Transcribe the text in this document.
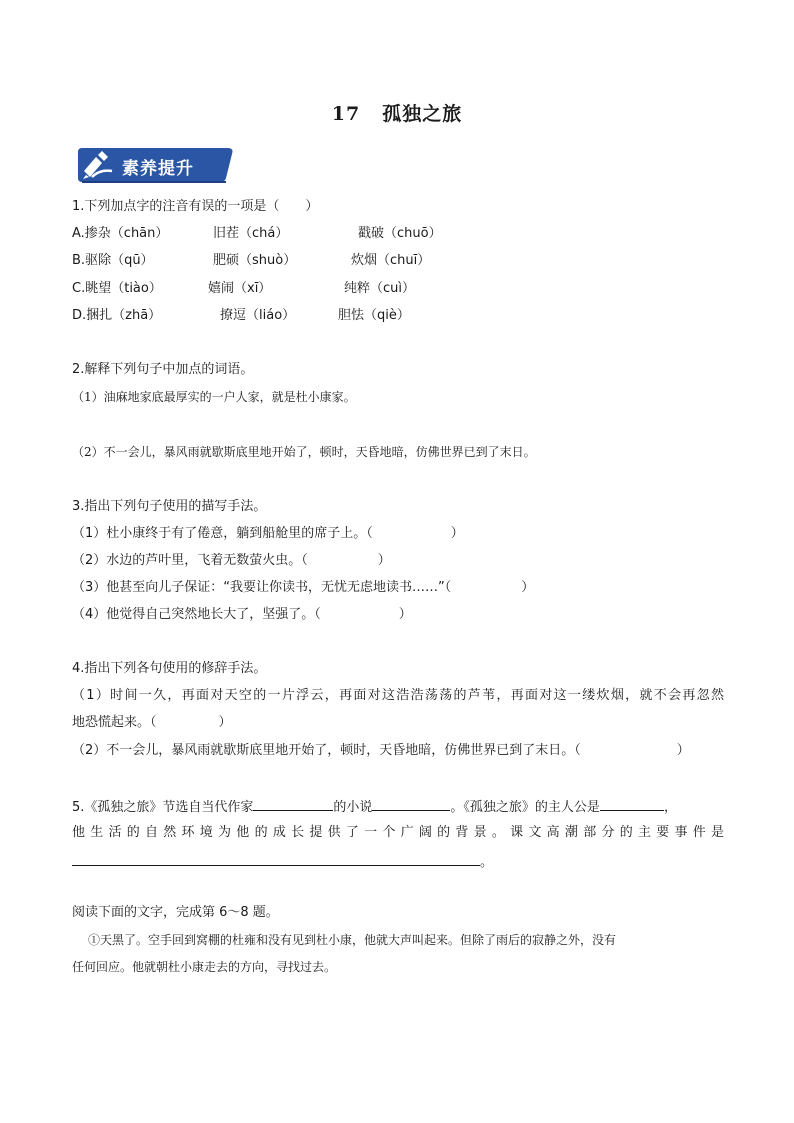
17 孤独之旅
素养提升
1.下列加点字的注音有误的一项是（　　）
A.掺杂（chān）	旧茬（chá）	戳破（chuō）
B.驱除（qū）	肥硕（shuò）	炊烟（chuī）
C.眺望（tiào）	嬉闹（xī）	纯粹（cuì）
D.捆扎（zhā）	撩逗（liáo）	胆怯（qiè）
2.解释下列句子中加点的词语。
（1）油麻地家底最厚实的一户人家，就是杜小康家。
（2）不一会儿，暴风雨就歇斯底里地开始了，顿时，天昏地暗，仿佛世界已到了末日。
3.指出下列句子使用的描写手法。
（1）杜小康终于有了倦意，躺到船舱里的席子上。（	）
（2）水边的芦叶里，飞着无数萤火虫。（	）
（3）他甚至向儿子保证：“我要让你读书，无忧无虑地读书……”（	）
（4）他觉得自己突然地长大了，坚强了。（	）
4.指出下列各句使用的修辞手法。
（1）时间一久，再面对天空的一片浮云，再面对这浩浩荡荡的芦苇，再面对这一缕炊烟，就不会再忽然
地恐慌起来。（	）
（2）不一会儿，暴风雨就歇斯底里地开始了，顿时，天昏地暗，仿佛世界已到了末日。（	）
5.《孤独之旅》节选自当代作家	的小说	。《孤独之旅》的主人公是	，
他生活的自然环境为他的成长提供了一个广阔的背景。课文高潮部分的主要事件是
。
阅读下面的文字，完成第 6～8 题。
①天黑了。空手回到窝棚的杜雍和没有见到杜小康，他就大声叫起来。但除了雨后的寂静之外，没有
任何回应。他就朝杜小康走去的方向，寻找过去。
